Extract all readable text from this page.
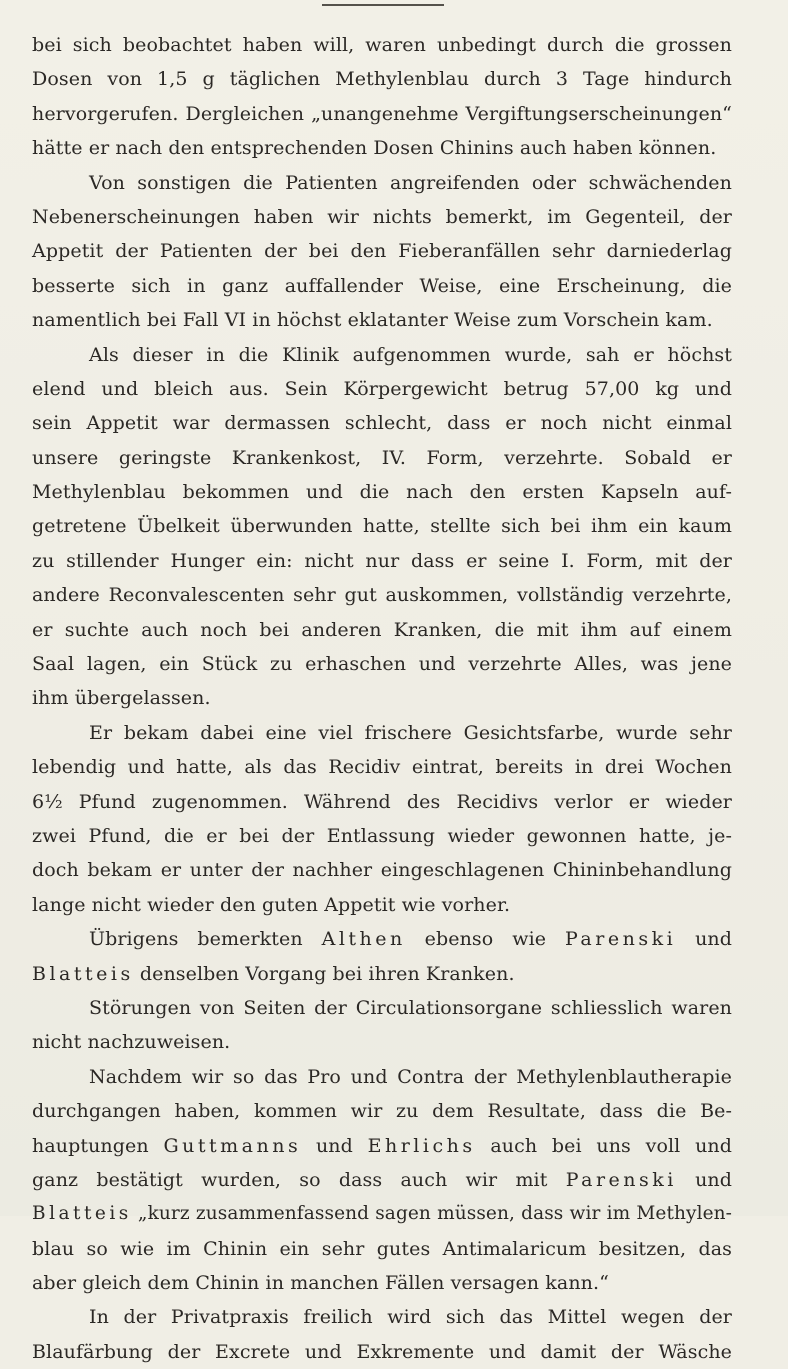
bei sich beobachtet haben will, waren unbedingt durch die grossen
Dosen von 1,5 g täglichen Methylenblau durch 3 Tage hindurch
hervorgerufen. Dergleichen „unangenehme Vergiftungserscheinungen“
hätte er nach den entsprechenden Dosen Chinins auch haben können.
Von sonstigen die Patienten angreifenden oder schwächenden
Nebenerscheinungen haben wir nichts bemerkt, im Gegenteil, der
Appetit der Patienten der bei den Fieberanfällen sehr darniederlag
besserte sich in ganz auffallender Weise, eine Erscheinung, die
namentlich bei Fall VI in höchst eklatanter Weise zum Vorschein kam.
Als dieser in die Klinik aufgenommen wurde, sah er höchst
elend und bleich aus. Sein Körpergewicht betrug 57,00 kg und
sein Appetit war dermassen schlecht, dass er noch nicht einmal
unsere geringste Krankenkost, IV. Form, verzehrte. Sobald er
Methylenblau bekommen und die nach den ersten Kapseln auf-
getretene Übelkeit überwunden hatte, stellte sich bei ihm ein kaum
zu stillender Hunger ein: nicht nur dass er seine I. Form, mit der
andere Reconvalescenten sehr gut auskommen, vollständig verzehrte,
er suchte auch noch bei anderen Kranken, die mit ihm auf einem
Saal lagen, ein Stück zu erhaschen und verzehrte Alles, was jene
ihm übergelassen.
Er bekam dabei eine viel frischere Gesichtsfarbe, wurde sehr
lebendig und hatte, als das Recidiv eintrat, bereits in drei Wochen
6½ Pfund zugenommen. Während des Recidivs verlor er wieder
zwei Pfund, die er bei der Entlassung wieder gewonnen hatte, je-
doch bekam er unter der nachher eingeschlagenen Chininbehandlung
lange nicht wieder den guten Appetit wie vorher.
Übrigens bemerkten Althen ebenso wie Parenski und
Blatteis denselben Vorgang bei ihren Kranken.
Störungen von Seiten der Circulationsorgane schliesslich waren
nicht nachzuweisen.
Nachdem wir so das Pro und Contra der Methylenblautherapie
durchgangen haben, kommen wir zu dem Resultate, dass die Be-
hauptungen Guttmanns und Ehrlichs auch bei uns voll und
ganz bestätigt wurden, so dass auch wir mit Parenski und
Blatteis „kurz zusammenfassend sagen müssen, dass wir im Methylen-
blau so wie im Chinin ein sehr gutes Antimalaricum besitzen, das
aber gleich dem Chinin in manchen Fällen versagen kann.“
In der Privatpraxis freilich wird sich das Mittel wegen der
Blaufärbung der Excrete und Exkremente und damit der Wäsche
